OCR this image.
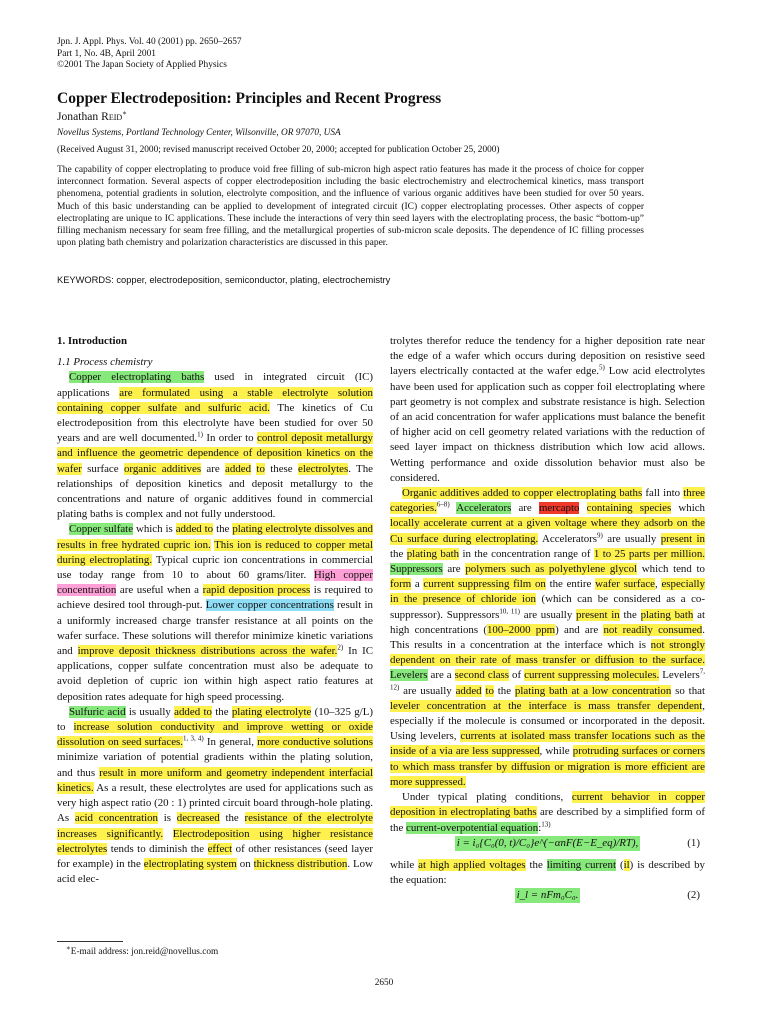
Jpn. J. Appl. Phys. Vol. 40 (2001) pp. 2650–2657
Part 1, No. 4B, April 2001
©2001 The Japan Society of Applied Physics
Copper Electrodeposition: Principles and Recent Progress
Jonathan Reid∗
Novellus Systems, Portland Technology Center, Wilsonville, OR 97070, USA
(Received August 31, 2000; revised manuscript received October 20, 2000; accepted for publication October 25, 2000)
The capability of copper electroplating to produce void free filling of sub-micron high aspect ratio features has made it the process of choice for copper interconnect formation. Several aspects of copper electrodeposition including the basic electrochemistry and electrochemical kinetics, mass transport phenomena, potential gradients in solution, electrolyte composition, and the influence of various organic additives have been studied for over 50 years. Much of this basic understanding can be applied to development of integrated circuit (IC) copper electroplating processes. Other aspects of copper electroplating are unique to IC applications. These include the interactions of very thin seed layers with the electroplating process, the basic “bottom-up” filling mechanism necessary for seam free filling, and the metallurgical properties of sub-micron scale deposits. The dependence of IC filling processes upon plating bath chemistry and polarization characteristics are discussed in this paper.
KEYWORDS: copper, electrodeposition, semiconductor, plating, electrochemistry

1. Introduction

1.1 Process chemistry

Copper electroplating baths used in integrated circuit (IC) applications are formulated using a stable electrolyte solution containing copper sulfate and sulfuric acid. The kinetics of Cu electrodeposition from this electrolyte have been studied for over 50 years and are well documented.$^{1)}$ In order to control deposit metallurgy and influence the geometric dependence of deposition kinetics on the wafer surface organic additives are added to these electrolytes. The relationships of deposition kinetics and deposit metallurgy to the concentrations and nature of organic additives found in commercial plating baths is complex and not fully understood.

Copper sulfate which is added to the plating electrolyte dissolves and results in free hydrated cupric ion. This ion is reduced to copper metal during electroplating. Typical cupric ion concentrations in commercial use today range from 10 to about 60 grams/liter. High copper concentration are useful when a rapid deposition process is required to achieve desired tool through-put. Lower copper concentrations result in a uniformly increased charge transfer resistance at all points on the wafer surface. These solutions will therefor minimize kinetic variations and improve deposit thickness distributions across the wafer.$^{2)}$ In IC applications, copper sulfate concentration must also be adequate to avoid depletion of cupric ion within high aspect ratio features at deposition rates adequate for high speed processing.

Sulfuric acid is usually added to the plating electrolyte (10–325 g/L) to increase solution conductivity and improve wetting or oxide dissolution on seed surfaces.$^{1, 3, 4)}$ In general, more conductive solutions minimize variation of potential gradients within the plating solution, and thus result in more uniform and geometry independent interfacial kinetics. As a result, these electrolytes are used for applications such as very high aspect ratio (20 : 1) printed circuit board through-hole plating. As acid concentration is decreased the resistance of the electrolyte increases significantly. Electrodeposition using higher resistance electrolytes tends to diminish the effect of other resistances (seed layer for example) in the electroplating system on thickness distribution. Low acid elec-

trolytes therefor reduce the tendency for a higher deposition rate near the edge of a wafer which occurs during deposition on resistive seed layers electrically contacted at the wafer edge.$^{5)}$ Low acid electrolytes have been used for application such as copper foil electroplating where part geometry is not complex and substrate resistance is high. Selection of an acid concentration for wafer applications must balance the benefit of higher acid on cell geometry related variations with the reduction of seed layer impact on thickness distribution which low acid allows. Wetting performance and oxide dissolution behavior must also be considered.

Organic additives added to copper electroplating baths fall into three categories.$^{6-8)}$ Accelerators are mercapto containing species which locally accelerate current at a given voltage where they adsorb on the Cu surface during electroplating. Accelerators$^{9)}$ are usually present in the plating bath in the concentration range of 1 to 25 parts per million. Suppressors are polymers such as polyethylene glycol which tend to form a current suppressing film on the entire wafer surface, especially in the presence of chloride ion (which can be considered as a co-suppressor). Suppressors$^{10, 11)}$ are usually present in the plating bath at high concentrations (100–2000 ppm) and are not readily consumed. This results in a concentration at the interface which is not strongly dependent on their rate of mass transfer or diffusion to the surface. Levelers are a second class of current suppressing molecules. Levelers$^{7, 12)}$ are usually added to the plating bath at a low concentration so that leveler concentration at the interface is mass transfer dependent, especially if the molecule is consumed or incorporated in the deposit. Using levelers, currents at isolated mass transfer locations such as the inside of a via are less suppressed, while protruding surfaces or corners to which mass transfer by diffusion or migration is more efficient are more suppressed.

Under typical plating conditions, current behavior in copper deposition in electroplating baths are described by a simplified form of the current-overpotential equation:$^{13)}$

i = i₀{C₀(0, t)/C₀}e^(−αnF(E−E_eq)/RT),	(1)

while at high applied voltages the limiting current (il) is described by the equation:

i_l = nFm₀C₀.	(2)
∗E-mail address: jon.reid@novellus.com
2650
